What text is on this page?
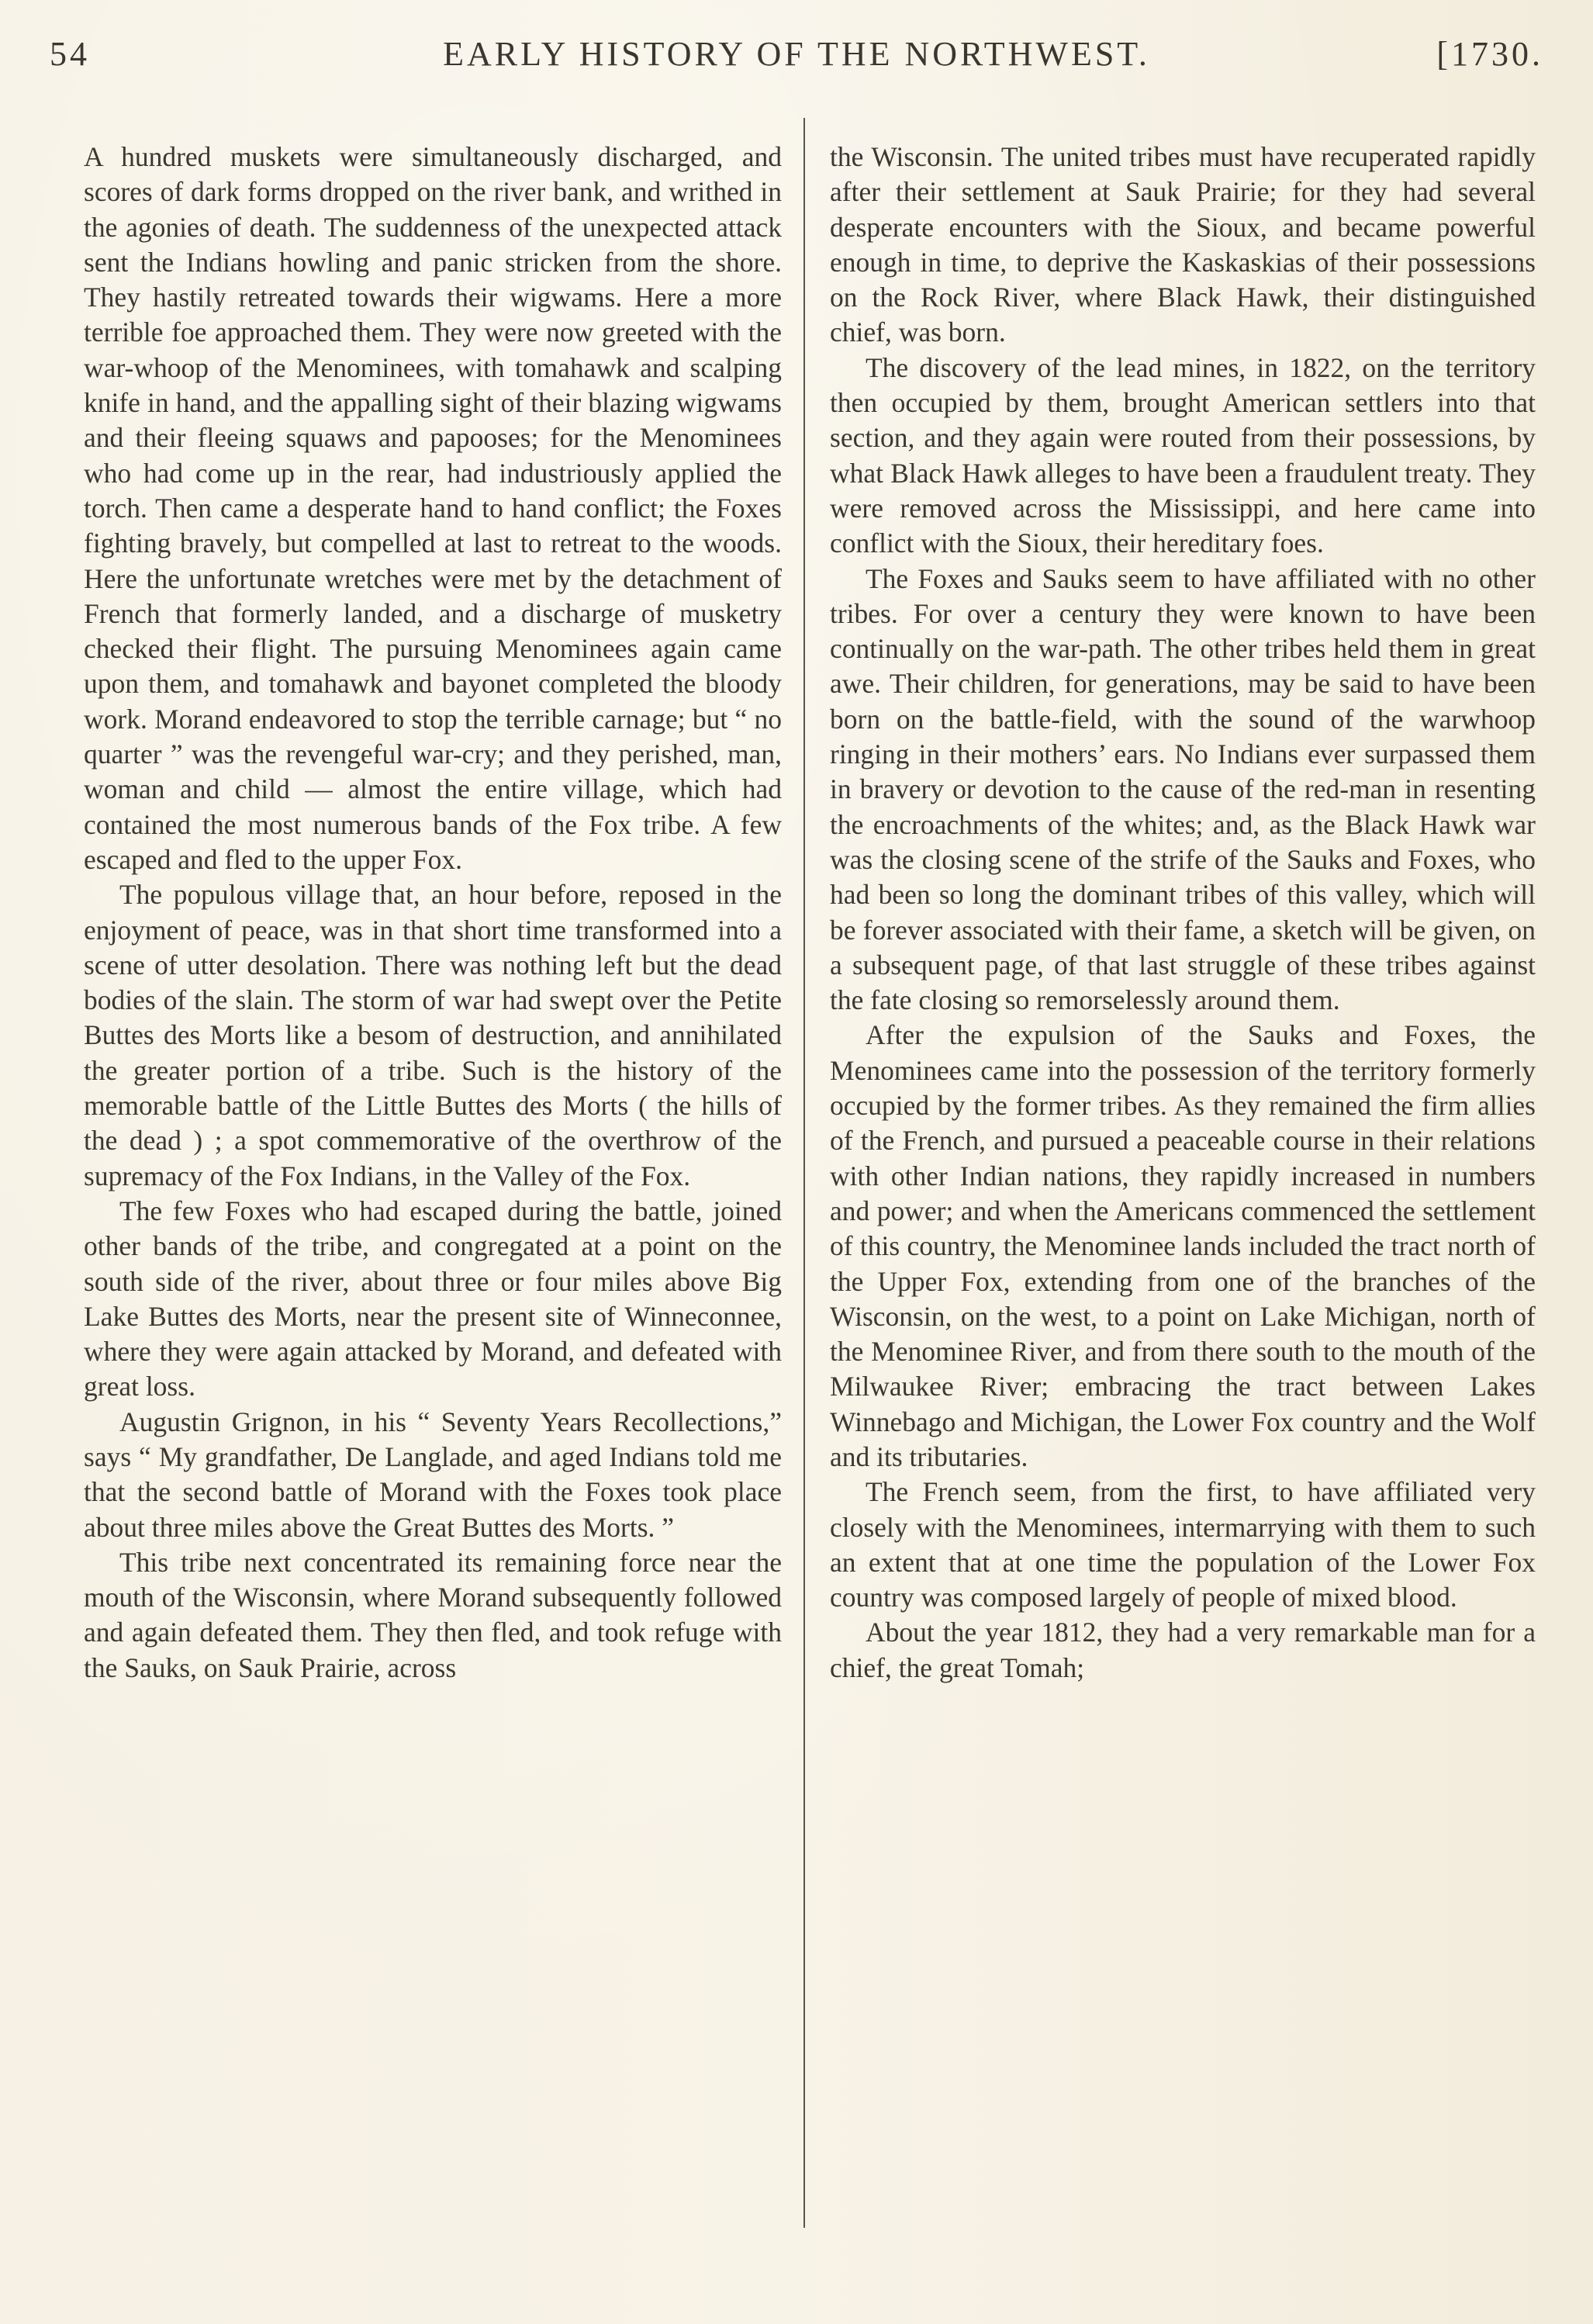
54	EARLY HISTORY OF THE NORTHWEST.	[1730.

A hundred muskets were simultaneously discharged, and scores of dark forms dropped on the river bank, and writhed in the agonies of death. The suddenness of the unexpected attack sent the Indians howling and panic stricken from the shore. They hastily retreated towards their wigwams. Here a more terrible foe approached them. They were now greeted with the war-whoop of the Menominees, with tomahawk and scalping knife in hand, and the appalling sight of their blazing wigwams and their fleeing squaws and papooses; for the Menominees who had come up in the rear, had industriously applied the torch. Then came a desperate hand to hand conflict; the Foxes fighting bravely, but compelled at last to retreat to the woods. Here the unfortunate wretches were met by the detachment of French that formerly landed, and a discharge of musketry checked their flight. The pursuing Menominees again came upon them, and tomahawk and bayonet completed the bloody work. Morand endeavored to stop the terrible carnage; but “ no quarter ” was the revengeful war-cry; and they perished, man, woman and child — almost the entire village, which had contained the most numerous bands of the Fox tribe. A few escaped and fled to the upper Fox.

The populous village that, an hour before, reposed in the enjoyment of peace, was in that short time transformed into a scene of utter desolation. There was nothing left but the dead bodies of the slain. The storm of war had swept over the Petite Buttes des Morts like a besom of destruction, and annihilated the greater portion of a tribe. Such is the history of the memorable battle of the Little Buttes des Morts ( the hills of the dead ) ; a spot commemorative of the overthrow of the supremacy of the Fox Indians, in the Valley of the Fox.

The few Foxes who had escaped during the battle, joined other bands of the tribe, and congregated at a point on the south side of the river, about three or four miles above Big Lake Buttes des Morts, near the present site of Winneconnee, where they were again attacked by Morand, and defeated with great loss.

Augustin Grignon, in his “ Seventy Years Recollections,” says “ My grandfather, De Langlade, and aged Indians told me that the second battle of Morand with the Foxes took place about three miles above the Great Buttes des Morts. ”

This tribe next concentrated its remaining force near the mouth of the Wisconsin, where Morand subsequently followed and again defeated them. They then fled, and took refuge with the Sauks, on Sauk Prairie, across

the Wisconsin. The united tribes must have recuperated rapidly after their settlement at Sauk Prairie; for they had several desperate encounters with the Sioux, and became powerful enough in time, to deprive the Kaskaskias of their possessions on the Rock River, where Black Hawk, their distinguished chief, was born.

The discovery of the lead mines, in 1822, on the territory then occupied by them, brought American settlers into that section, and they again were routed from their possessions, by what Black Hawk alleges to have been a fraudulent treaty. They were removed across the Mississippi, and here came into conflict with the Sioux, their hereditary foes.

The Foxes and Sauks seem to have affiliated with no other tribes. For over a century they were known to have been continually on the war-path. The other tribes held them in great awe. Their children, for generations, may be said to have been born on the battle-field, with the sound of the warwhoop ringing in their mothers’ ears. No Indians ever surpassed them in bravery or devotion to the cause of the red-man in resenting the encroachments of the whites; and, as the Black Hawk war was the closing scene of the strife of the Sauks and Foxes, who had been so long the dominant tribes of this valley, which will be forever associated with their fame, a sketch will be given, on a subsequent page, of that last struggle of these tribes against the fate closing so remorselessly around them.

After the expulsion of the Sauks and Foxes, the Menominees came into the possession of the territory formerly occupied by the former tribes. As they remained the firm allies of the French, and pursued a peaceable course in their relations with other Indian nations, they rapidly increased in numbers and power; and when the Americans commenced the settlement of this country, the Menominee lands included the tract north of the Upper Fox, extending from one of the branches of the Wisconsin, on the west, to a point on Lake Michigan, north of the Menominee River, and from there south to the mouth of the Milwaukee River; embracing the tract between Lakes Winnebago and Michigan, the Lower Fox country and the Wolf and its tributaries.

The French seem, from the first, to have affiliated very closely with the Menominees, intermarrying with them to such an extent that at one time the population of the Lower Fox country was composed largely of people of mixed blood.

About the year 1812, they had a very remarkable man for a chief, the great Tomah;
